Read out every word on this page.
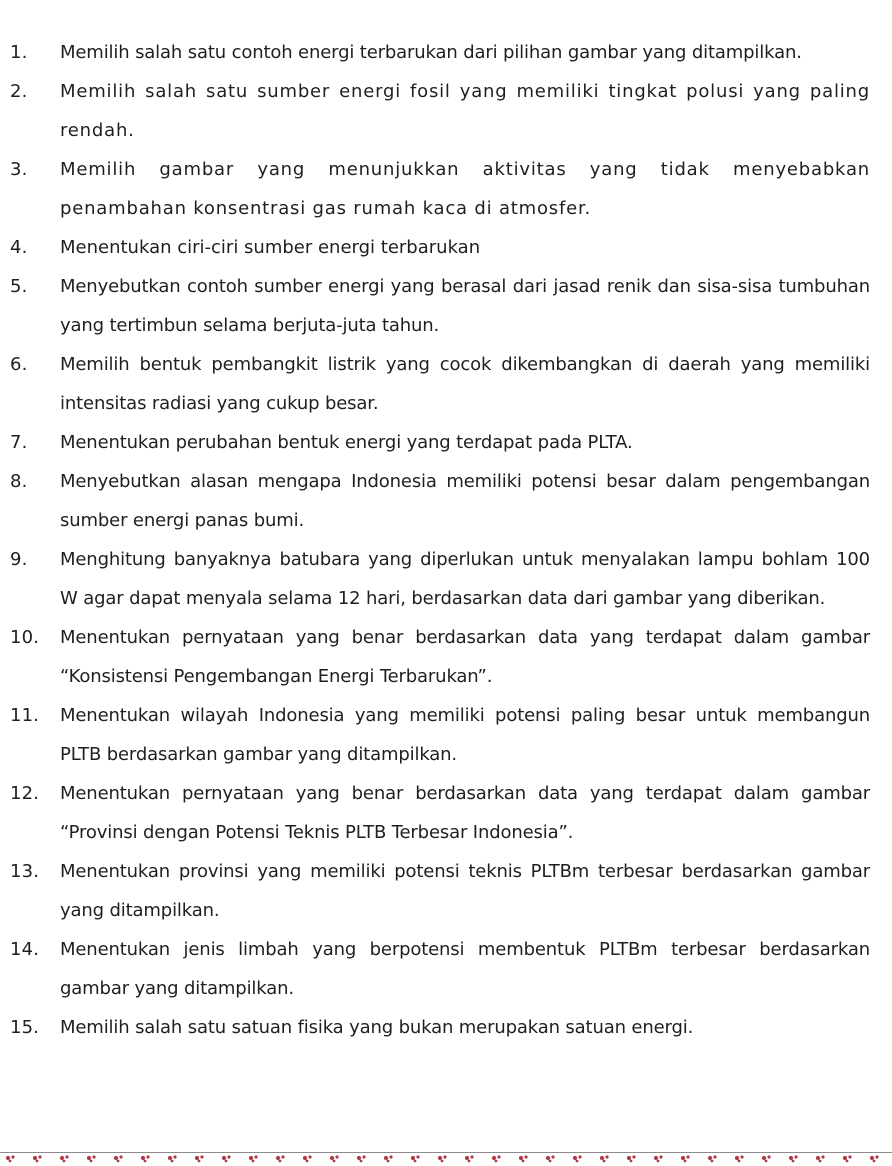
1.	Memilih salah satu contoh energi terbarukan dari pilihan gambar yang ditampilkan.
2.	Memilih salah satu sumber energi fosil yang memiliki tingkat polusi yang paling rendah.
3.	Memilih gambar yang menunjukkan aktivitas yang tidak menyebabkan penambahan konsentrasi gas rumah kaca di atmosfer.
4.	Menentukan ciri-ciri sumber energi terbarukan
5.	Menyebutkan contoh sumber energi yang berasal dari jasad renik dan sisa-sisa tumbuhan yang tertimbun selama berjuta-juta tahun.
6.	Memilih bentuk pembangkit listrik yang cocok dikembangkan di daerah yang memiliki intensitas radiasi yang cukup besar.
7.	Menentukan perubahan bentuk energi yang terdapat pada PLTA.
8.	Menyebutkan alasan mengapa Indonesia memiliki potensi besar dalam pengembangan sumber energi panas bumi.
9.	Menghitung banyaknya batubara yang diperlukan untuk menyalakan lampu bohlam 100 W agar dapat menyala selama 12 hari, berdasarkan data dari gambar yang diberikan.
10.	Menentukan pernyataan yang benar berdasarkan data yang terdapat dalam gambar “Konsistensi Pengembangan Energi Terbarukan”.
11.	Menentukan wilayah Indonesia yang memiliki potensi paling besar untuk membangun PLTB berdasarkan gambar yang ditampilkan.
12.	Menentukan pernyataan yang benar berdasarkan data yang terdapat dalam gambar “Provinsi dengan Potensi Teknis PLTB Terbesar Indonesia”.
13.	Menentukan provinsi yang memiliki potensi teknis PLTBm terbesar berdasarkan gambar yang ditampilkan.
14.	Menentukan jenis limbah yang berpotensi membentuk PLTBm terbesar berdasarkan gambar yang ditampilkan.
15.	Memilih salah satu satuan fisika yang bukan merupakan satuan energi.
